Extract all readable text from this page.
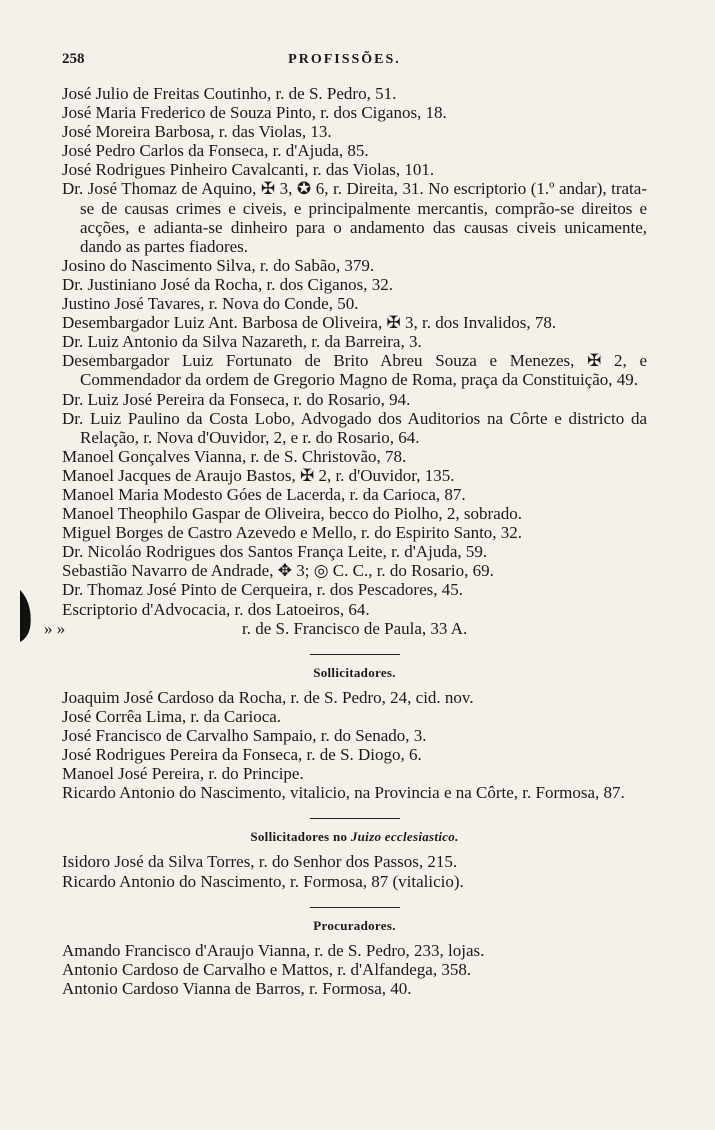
258	PROFISSÕES.

José Julio de Freitas Coutinho, r. de S. Pedro, 51.

José Maria Frederico de Souza Pinto, r. dos Ciganos, 18.

José Moreira Barbosa, r. das Violas, 13.

José Pedro Carlos da Fonseca, r. d'Ajuda, 85.

José Rodrigues Pinheiro Cavalcanti, r. das Violas, 101.

Dr. José Thomaz de Aquino, ✠ 3, ✪ 6, r. Direita, 31. No escriptorio (1.º andar), trata-se de causas crimes e civeis, e principalmente mercantis, comprão-se direitos e acções, e adianta-se dinheiro para o andamento das causas civeis unicamente, dando as partes fiadores.

Josino do Nascimento Silva, r. do Sabão, 379.

Dr. Justiniano José da Rocha, r. dos Ciganos, 32.

Justino José Tavares, r. Nova do Conde, 50.

Desembargador Luiz Ant. Barbosa de Oliveira, ✠ 3, r. dos Invalidos, 78.

Dr. Luiz Antonio da Silva Nazareth, r. da Barreira, 3.

Desembargador Luiz Fortunato de Brito Abreu Souza e Menezes, ✠ 2, e Commendador da ordem de Gregorio Magno de Roma, praça da Constituição, 49.

Dr. Luiz José Pereira da Fonseca, r. do Rosario, 94.

Dr. Luiz Paulino da Costa Lobo, Advogado dos Auditorios na Côrte e districto da Relação, r. Nova d'Ouvidor, 2, e r. do Rosario, 64.

Manoel Gonçalves Vianna, r. de S. Christovão, 78.

Manoel Jacques de Araujo Bastos, ✠ 2, r. d'Ouvidor, 135.

Manoel Maria Modesto Góes de Lacerda, r. da Carioca, 87.

Manoel Theophilo Gaspar de Oliveira, becco do Piolho, 2, sobrado.

Miguel Borges de Castro Azevedo e Mello, r. do Espirito Santo, 32.

Dr. Nicoláo Rodrigues dos Santos França Leite, r. d'Ajuda, 59.

Sebastião Navarro de Andrade, ✥ 3; ◎ C. C., r. do Rosario, 69.

Dr. Thomaz José Pinto de Cerqueira, r. dos Pescadores, 45.

Escriptorio d'Advocacia, r. dos Latoeiros, 64.

» »	r. de S. Francisco de Paula, 33 A.

Sollicitadores.

Joaquim José Cardoso da Rocha, r. de S. Pedro, 24, cid. nov.

José Corrêa Lima, r. da Carioca.

José Francisco de Carvalho Sampaio, r. do Senado, 3.

José Rodrigues Pereira da Fonseca, r. de S. Diogo, 6.

Manoel José Pereira, r. do Principe.

Ricardo Antonio do Nascimento, vitalicio, na Provincia e na Côrte, r. Formosa, 87.

Sollicitadores no Juizo ecclesiastico.

Isidoro José da Silva Torres, r. do Senhor dos Passos, 215.

Ricardo Antonio do Nascimento, r. Formosa, 87 (vitalicio).

Procuradores.

Amando Francisco d'Araujo Vianna, r. de S. Pedro, 233, lojas.

Antonio Cardoso de Carvalho e Mattos, r. d'Alfandega, 358.

Antonio Cardoso Vianna de Barros, r. Formosa, 40.
